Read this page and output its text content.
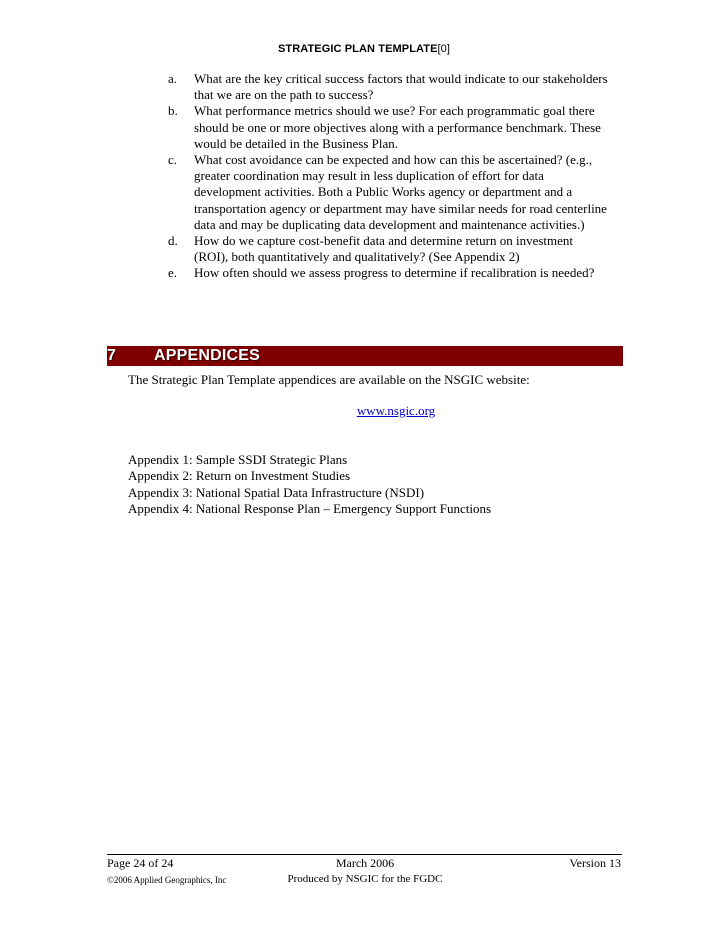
STRATEGIC PLAN TEMPLATE[0]
a. What are the key critical success factors that would indicate to our stakeholders that we are on the path to success?
b. What performance metrics should we use? For each programmatic goal there should be one or more objectives along with a performance benchmark. These would be detailed in the Business Plan.
c. What cost avoidance can be expected and how can this be ascertained? (e.g., greater coordination may result in less duplication of effort for data development activities. Both a Public Works agency or department and a transportation agency or department may have similar needs for road centerline data and may be duplicating data development and maintenance activities.)
d. How do we capture cost-benefit data and determine return on investment (ROI), both quantitatively and qualitatively? (See Appendix 2)
e. How often should we assess progress to determine if recalibration is needed?
7 APPENDICES
The Strategic Plan Template appendices are available on the NSGIC website:
www.nsgic.org
Appendix 1: Sample SSDI Strategic Plans
Appendix 2: Return on Investment Studies
Appendix 3: National Spatial Data Infrastructure (NSDI)
Appendix 4: National Response Plan – Emergency Support Functions
Page 24 of 24
©2006 Applied Geographics, Inc
March 2006
Produced by NSGIC for the FGDC
Version 13
